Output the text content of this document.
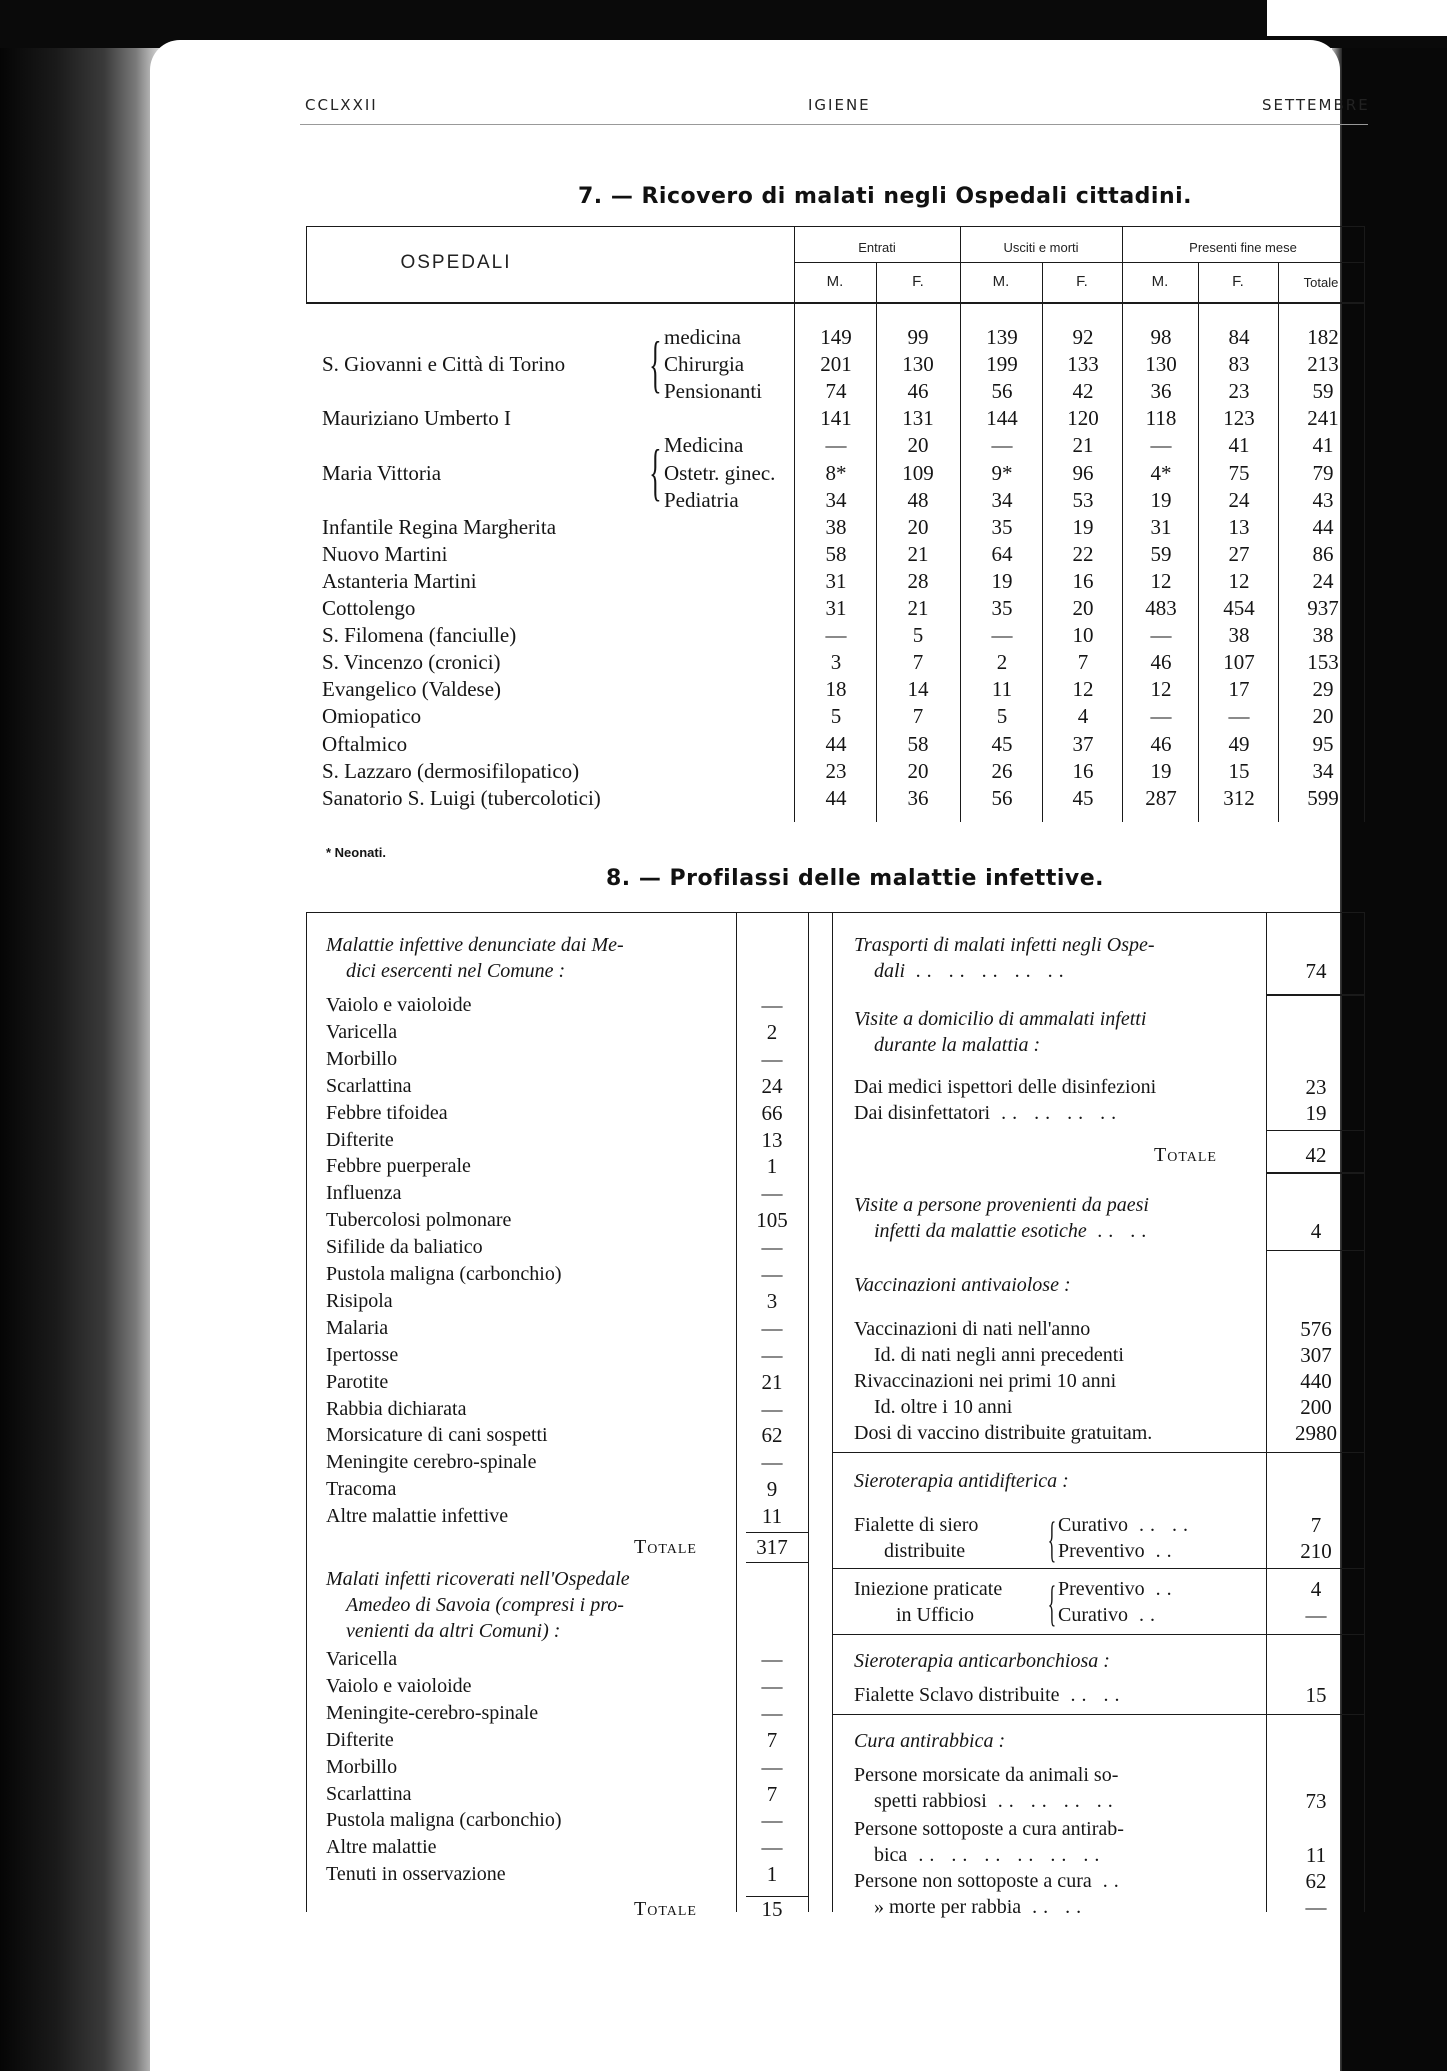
CCLXXII	IGIENE	SETTEMBRE
7. — Ricovero di malati negli Ospedali cittadini.
OSPEDALI
Entrati	Usciti e morti	Presenti fine mese
M.	F.	M.	F.	M.	F.	Totale
{
{
medicina	149	99	139	92	98	84	182
S. Giovanni e Città di Torino	Chirurgia	201	130	199	133	130	83	213
Pensionanti	74	46	56	42	36	23	59
Mauriziano Umberto I	141	131	144	120	118	123	241
Medicina	—	20	—	21	—	41	41
Maria Vittoria	Ostetr. ginec.	8*	109	9*	96	4*	75	79
Pediatria	34	48	34	53	19	24	43
Infantile Regina Margherita	38	20	35	19	31	13	44
Nuovo Martini	58	21	64	22	59	27	86
Astanteria Martini	31	28	19	16	12	12	24
Cottolengo	31	21	35	20	483	454	937
S. Filomena (fanciulle)	—	5	—	10	—	38	38
S. Vincenzo (cronici)	3	7	2	7	46	107	153
Evangelico (Valdese)	18	14	11	12	12	17	29
Omiopatico	5	7	5	4	—	—	20
Oftalmico	44	58	45	37	46	49	95
S. Lazzaro (dermosifilopatico)	23	20	26	16	19	15	34
Sanatorio S. Luigi (tubercolotici)	44	36	56	45	287	312	599
* Neonati.
8. — Profilassi delle malattie infettive.
Malattie infettive denunciate dai Me-
dici esercenti nel Comune :
Vaiolo e vaioloide	—
Varicella	2
Morbillo	—
Scarlattina	24
Febbre tifoidea	66
Difterite	13
Febbre puerperale	1
Influenza	—
Tubercolosi polmonare	105
Sifilide da baliatico	—
Pustola maligna (carbonchio)	—
Risipola	3
Malaria	—
Ipertosse	—
Parotite	21
Rabbia dichiarata	—
Morsicature di cani sospetti	62
Meningite cerebro-spinale	—
Tracoma	9
Altre malattie infettive	11
Totale	317
Malati infetti ricoverati nell'Ospedale
Amedeo di Savoia (compresi i pro-
venienti da altri Comuni) :
Varicella	—
Vaiolo e vaioloide	—
Meningite-cerebro-spinale	—
Difterite	7
Morbillo	—
Scarlattina	7
Pustola maligna (carbonchio)	—
Altre malattie	—
Tenuti in osservazione	1
Totale	15
Trasporti di malati infetti negli Ospe-
dali .. .. .. .. ..	74
Visite a domicilio di ammalati infetti
durante la malattia :
Dai medici ispettori delle disinfezioni	23
Dai disinfettatori .. .. .. ..	19
Totale	42
Visite a persone provenienti da paesi
infetti da malattie esotiche .. ..	4
Vaccinazioni antivaiolose :
Vaccinazioni di nati nell'anno	576
Id. di nati negli anni precedenti	307
Rivaccinazioni nei primi 10 anni	440
Id. oltre i 10 anni	200
Dosi di vaccino distribuite gratuitam.	2980
Sieroterapia antidifterica :
Fialette di siero
distribuite { Curativo .. ..	7
Preventivo ..	210
Iniezione praticate
in Ufficio { Preventivo ..	4
Curativo ..	—
Sieroterapia anticarbonchiosa :
Fialette Sclavo distribuite .. ..	15
Cura antirabbica :
Persone morsicate da animali so-
spetti rabbiosi .. .. .. ..	73
Persone sottoposte a cura antirab-
bica .. .. .. .. .. ..	11
Persone non sottoposte a cura ..	62
» morte per rabbia .. ..	—
